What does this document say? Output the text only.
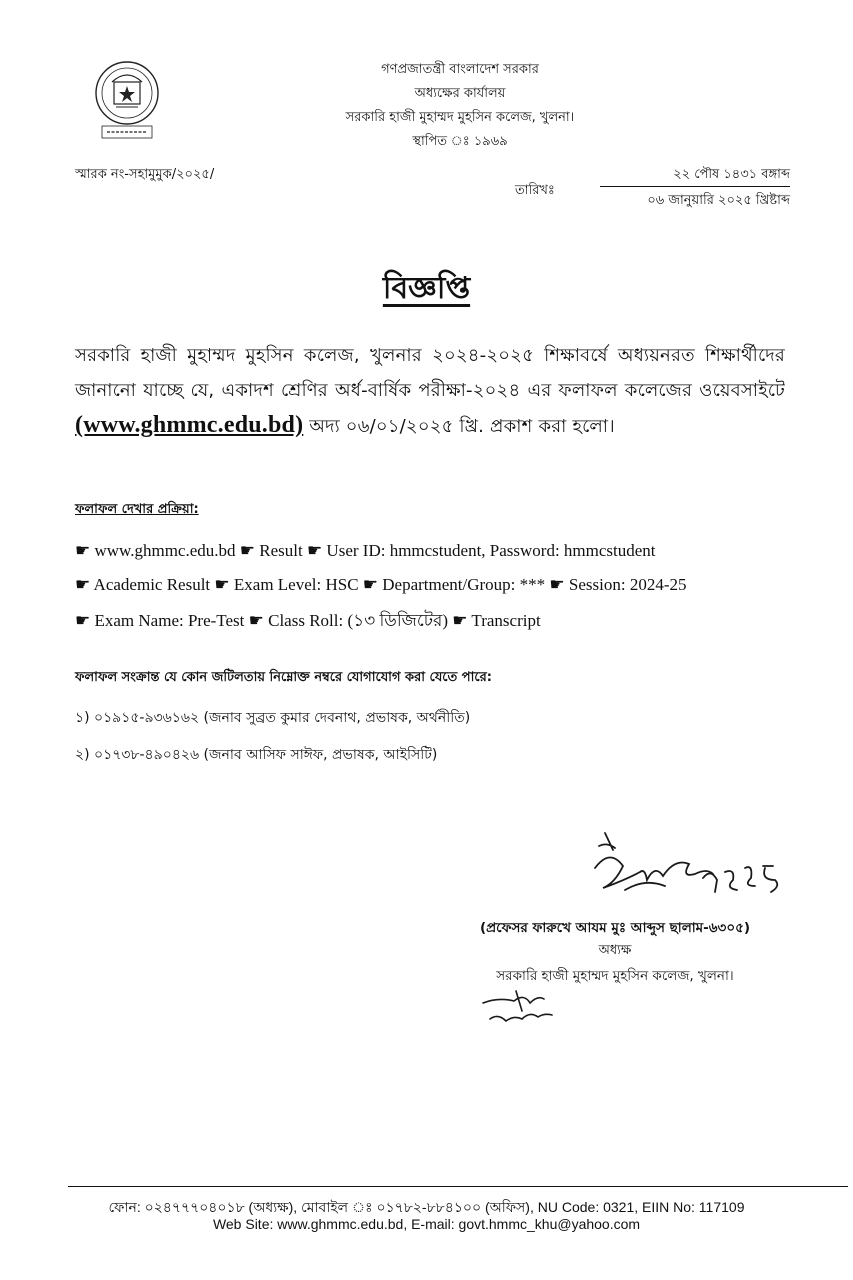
গণপ্রজাতন্ত্রী বাংলাদেশ সরকার
অধ্যক্ষের কার্যালয়
সরকারি হাজী মুহাম্মদ মুহসিন কলেজ, খুলনা।
স্থাপিত ঃ ১৯৬৯
স্মারক নং-সহামুমুক/২০২৫/
তারিখঃ
২২ পৌষ ১৪৩১ বঙ্গাব্দ
০৬ জানুয়ারি ২০২৫ খ্রিষ্টাব্দ
বিজ্ঞপ্তি
সরকারি হাজী মুহাম্মদ মুহসিন কলেজ, খুলনার ২০২৪-২০২৫ শিক্ষাবর্ষে অধ্যয়নরত শিক্ষার্থীদের জানানো যাচ্ছে যে, একাদশ শ্রেণির অর্ধ-বার্ষিক পরীক্ষা-২০২৪ এর ফলাফল কলেজের ওয়েবসাইটে (www.ghmmc.edu.bd) অদ্য ০৬/০১/২০২৫ খ্রি. প্রকাশ করা হলো।
ফলাফল দেখার প্রক্রিয়া:
☛ www.ghmmc.edu.bd ☛ Result ☛ User ID: hmmcstudent, Password: hmmcstudent
☛ Academic Result ☛ Exam Level: HSC ☛ Department/Group: *** ☛ Session: 2024-25
☛ Exam Name: Pre-Test ☛ Class Roll: (১৩ ডিজিটের) ☛ Transcript
ফলাফল সংক্রান্ত যে কোন জটিলতায় নিম্নোক্ত নম্বরে যোগাযোগ করা যেতে পারে:
১) ০১৯১৫-৯৩৬১৬২ (জনাব সুব্রত কুমার দেবনাথ, প্রভাষক, অর্থনীতি)
২) ০১৭৩৮-৪৯০৪২৬ (জনাব আসিফ সাঈফ, প্রভাষক, আইসিটি)
(প্রফেসর ফারুখে আযম মুঃ আব্দুস ছালাম-৬৩০৫)
অধ্যক্ষ
সরকারি হাজী মুহাম্মদ মুহসিন কলেজ, খুলনা।
ফোন: ০২৪৭৭৭০৪০১৮ (অধ্যক্ষ), মোবাইল ঃ ০১৭৮২-৮৮৪১০০ (অফিস), NU Code: 0321, EIIN No: 117109
Web Site: www.ghmmc.edu.bd, E-mail: govt.hmmc_khu@yahoo.com
